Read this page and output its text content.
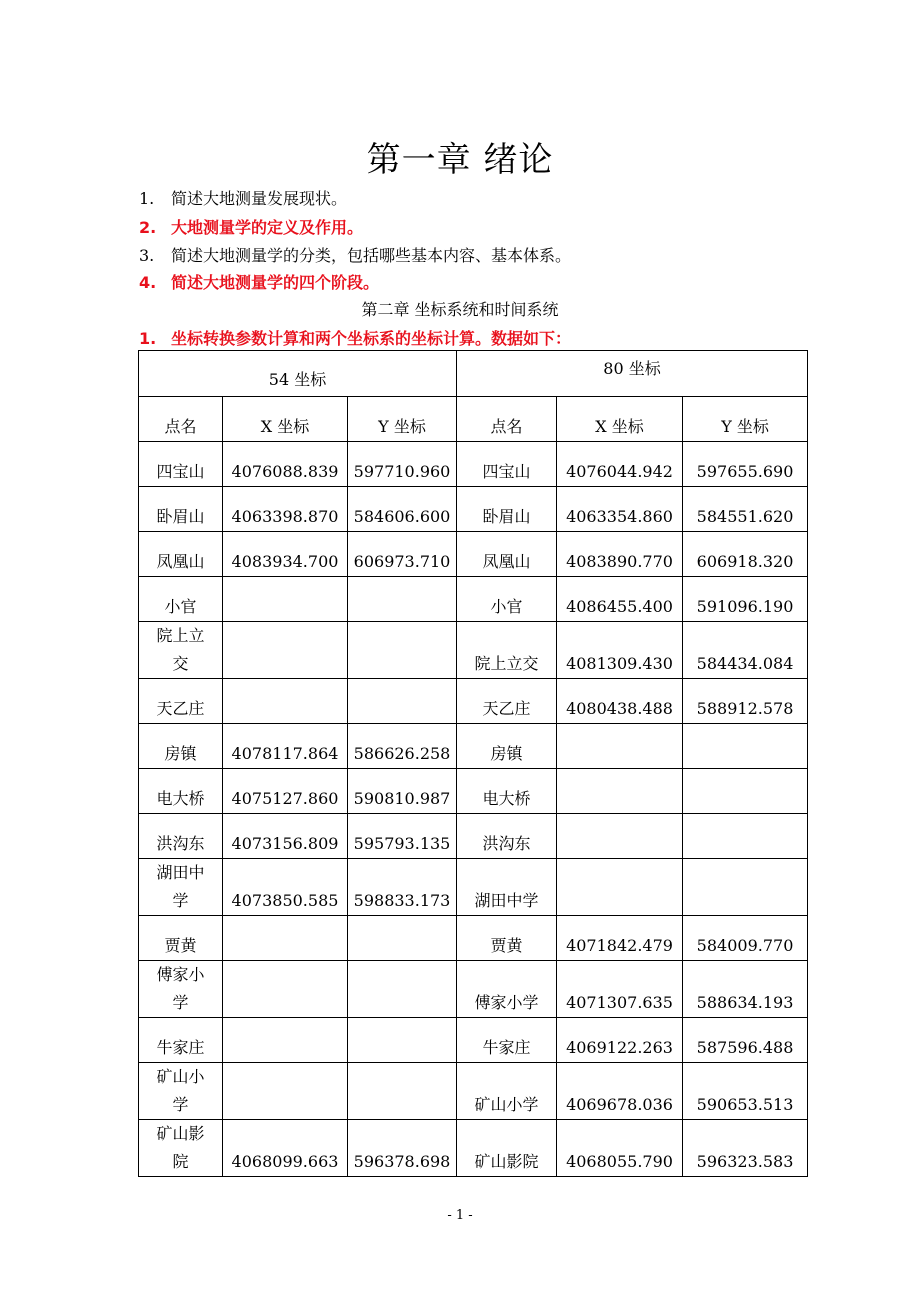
第一章 绪论
1. 简述大地测量发展现状。
2. 大地测量学的定义及作用。
3. 简述大地测量学的分类，包括哪些基本内容、基本体系。
4. 简述大地测量学的四个阶段。
第二章 坐标系统和时间系统
1. 坐标转换参数计算和两个坐标系的坐标计算。数据如下：
54 坐标			80 坐标		
点名	X 坐标	Y 坐标	点名	X 坐标	Y 坐标
四宝山	4076088.839	597710.960	四宝山	4076044.942	597655.690
卧眉山	4063398.870	584606.600	卧眉山	4063354.860	584551.620
凤凰山	4083934.700	606973.710	凤凰山	4083890.770	606918.320
小官			小官	4086455.400	591096.190
院上立交			院上立交	4081309.430	584434.084
天乙庄			天乙庄	4080438.488	588912.578
房镇	4078117.864	586626.258	房镇		
电大桥	4075127.860	590810.987	电大桥		
洪沟东	4073156.809	595793.135	洪沟东		
湖田中学	4073850.585	598833.173	湖田中学		
贾黄			贾黄	4071842.479	584009.770
傅家小学			傅家小学	4071307.635	588634.193
牛家庄			牛家庄	4069122.263	587596.488
矿山小学			矿山小学	4069678.036	590653.513
矿山影院	4068099.663	596378.698	矿山影院	4068055.790	596323.583
- 1 -
